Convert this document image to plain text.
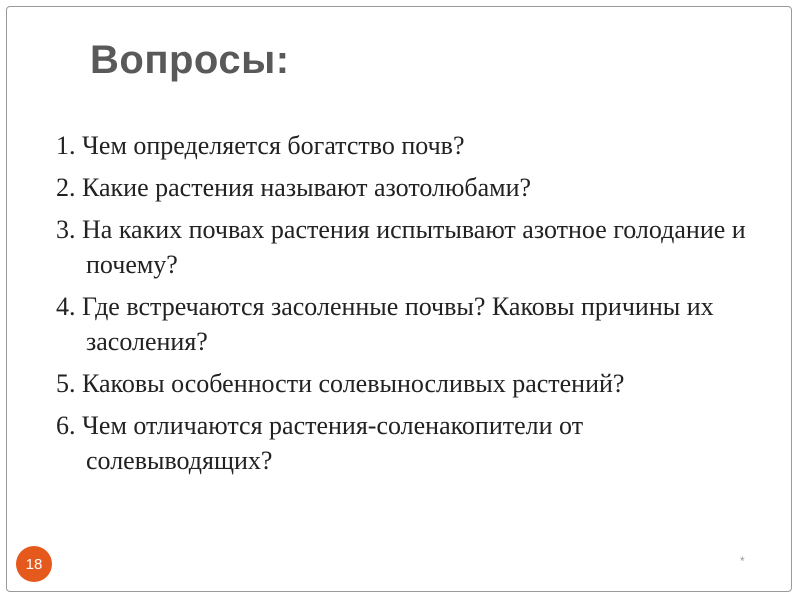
Вопросы:
1. Чем определяется богатство почв?
2. Какие растения называют азотолюбами?
3. На каких почвах растения испытывают азотное голодание и почему?
4. Где встречаются засоленные почвы? Каковы причины их засоления?
5. Каковы особенности солевыносливых растений?
6. Чем отличаются растения-соленакопители от солевыводящих?
18	*
